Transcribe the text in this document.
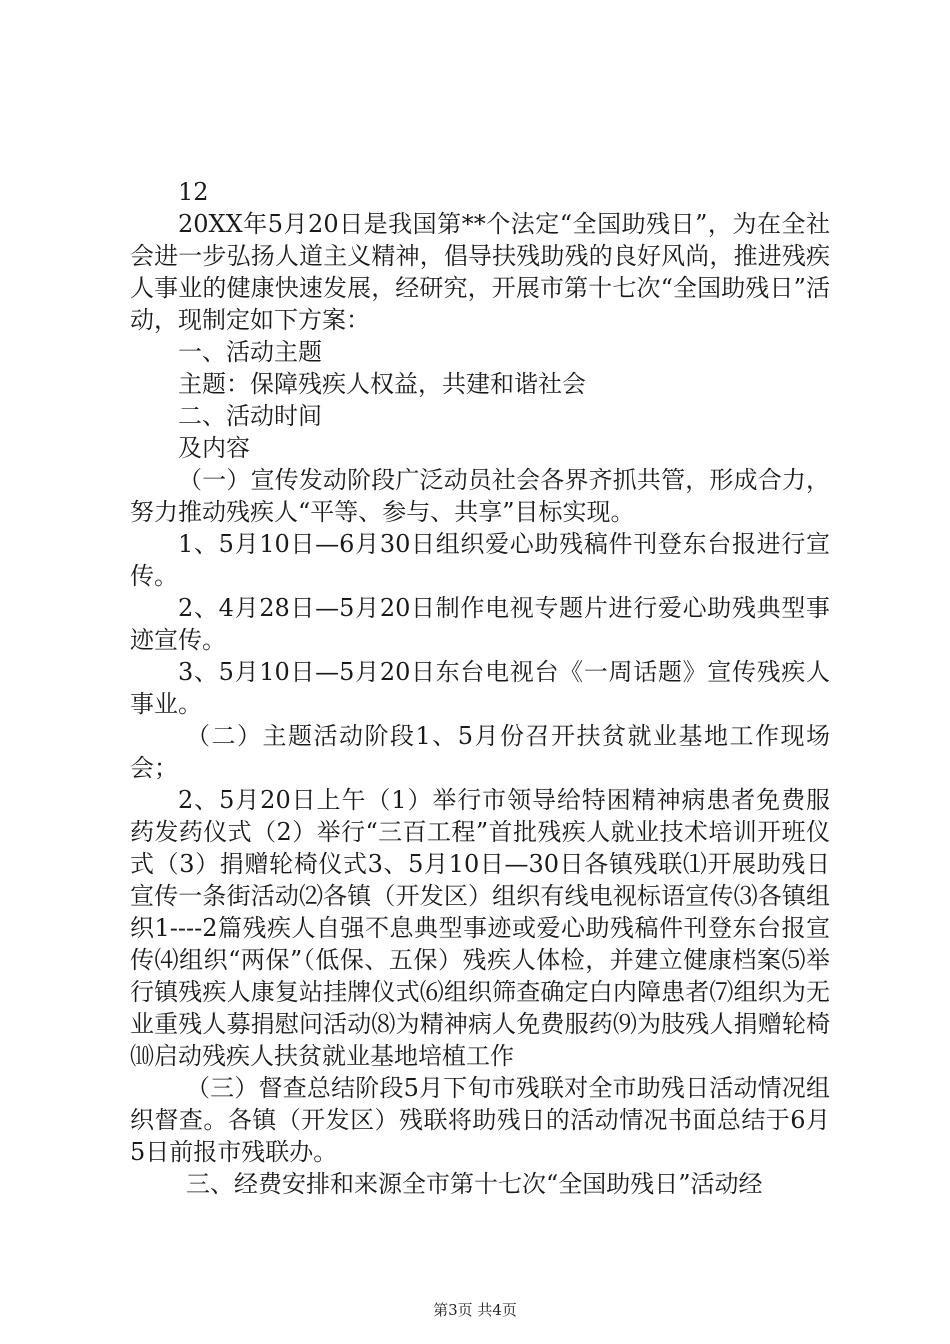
12

20XX年5月20日是我国第**个法定“全国助残日”，为在全社会进一步弘扬人道主义精神，倡导扶残助残的良好风尚，推进残疾人事业的健康快速发展，经研究，开展市第十七次“全国助残日”活动，现制定如下方案：

一、活动主题

主题：保障残疾人权益，共建和谐社会

二、活动时间

及内容

（一）宣传发动阶段广泛动员社会各界齐抓共管，形成合力，努力推动残疾人“平等、参与、共享”目标实现。

1、5月10日—6月30日组织爱心助残稿件刊登东台报进行宣传。

2、4月28日—5月20日制作电视专题片进行爱心助残典型事迹宣传。

3、5月10日—5月20日东台电视台《一周话题》宣传残疾人事业。

（二）主题活动阶段1、5月份召开扶贫就业基地工作现场会；

2、5月20日上午（1）举行市领导给特困精神病患者免费服药发药仪式（2）举行“三百工程”首批残疾人就业技术培训开班仪式（3）捐赠轮椅仪式3、5月10日—30日各镇残联⑴开展助残日宣传一条街活动⑵各镇（开发区）组织有线电视标语宣传⑶各镇组织1----2篇残疾人自强不息典型事迹或爱心助残稿件刊登东台报宣传⑷组织“两保”（低保、五保）残疾人体检，并建立健康档案⑸举行镇残疾人康复站挂牌仪式⑹组织筛查确定白内障患者⑺组织为无业重残人募捐慰问活动⑻为精神病人免费服药⑼为肢残人捐赠轮椅⑽启动残疾人扶贫就业基地培植工作

（三）督查总结阶段5月下旬市残联对全市助残日活动情况组织督查。各镇（开发区）残联将助残日的活动情况书面总结于6月5日前报市残联办。

三、经费安排和来源全市第十七次“全国助残日”活动经

第3页 共4页
